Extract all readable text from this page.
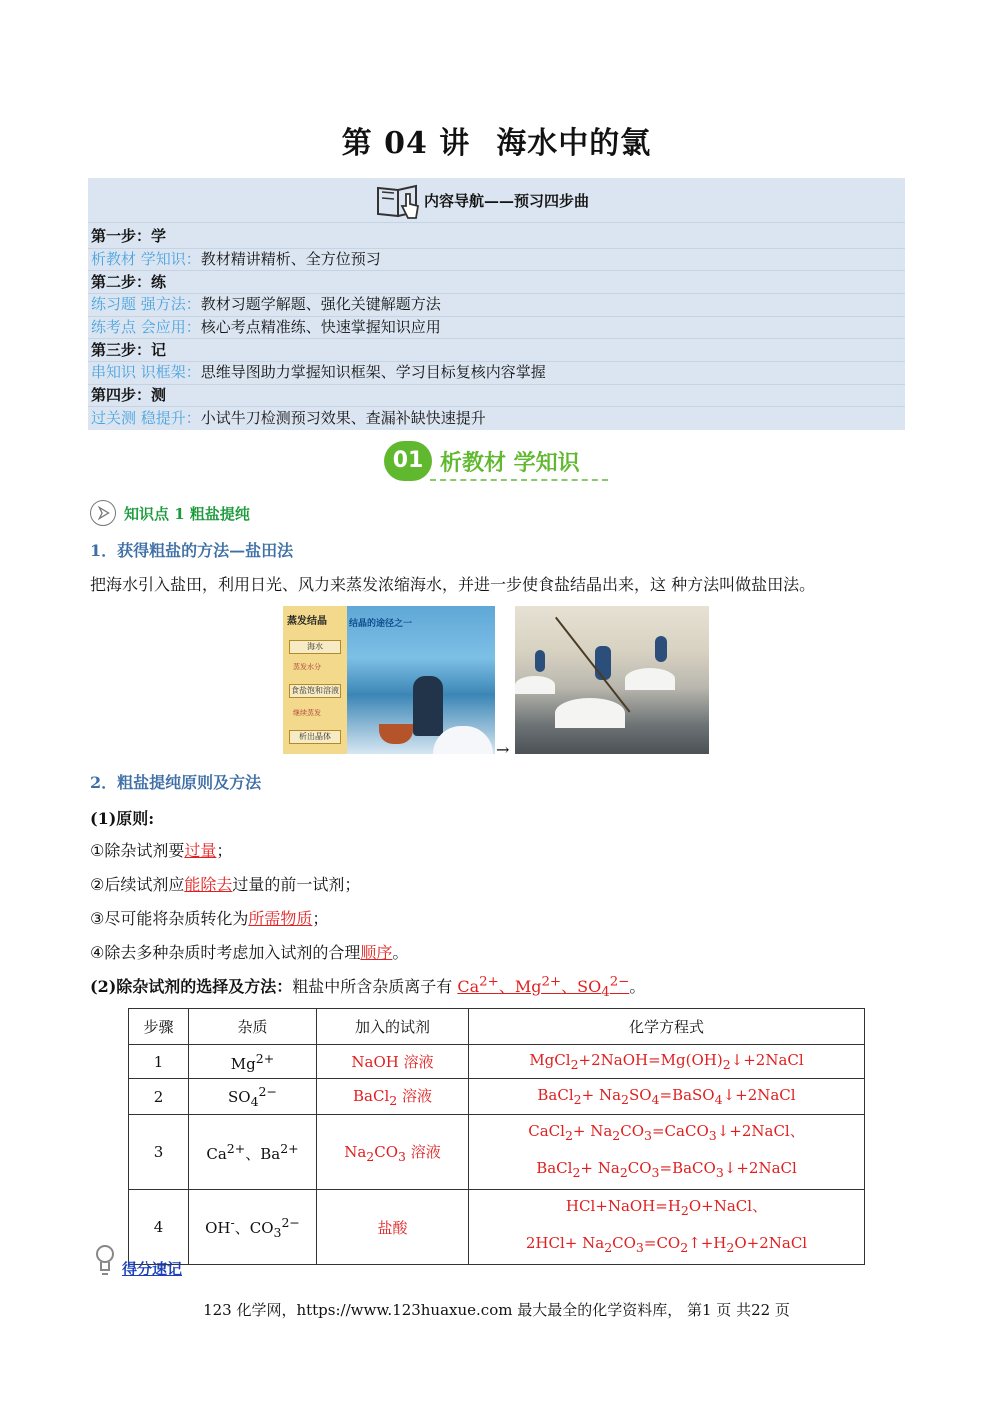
第 04 讲 海水中的氯
内容导航——预习四步曲
第一步：学
析教材 学知识：教材精讲精析、全方位预习
第二步：练
练习题 强方法：教材习题学解题、强化关键解题方法
练考点 会应用：核心考点精准练、快速掌握知识应用
第三步：记
串知识 识框架：思维导图助力掌握知识框架、学习目标复核内容掌握
第四步：测
过关测 稳提升：小试牛刀检测预习效果、查漏补缺快速提升
01 析教材 学知识
知识点 1 粗盐提纯
1．获得粗盐的方法—盐田法
把海水引入盐田，利用日光、风力来蒸发浓缩海水，并进一步使食盐结晶出来，这 种方法叫做盐田法。
蒸发结晶 结晶的途径之一
海水
蒸发水分
食盐饱和溶液
继续蒸发
析出晶体
→
2．粗盐提纯原则及方法
(1)原则:
①除杂试剂要过量；
②后续试剂应能除去过量的前一试剂；
③尽可能将杂质转化为所需物质；
④除去多种杂质时考虑加入试剂的合理顺序。
(2)除杂试剂的选择及方法：粗盐中所含杂质离子有 $Ca^{2+}$、$Mg^{2+}$、$SO_4^{2-}$。
步骤	杂质	加入的试剂	化学方程式
1	$Mg^{2+}$	NaOH 溶液	$MgCl_2+2NaOH=Mg(OH)_2↓+2NaCl$
2	$SO_4^{2-}$	BaCl$_2$ 溶液	BaCl$_2$+ $Na_2SO_4=BaSO_4↓+2NaCl$
3	$Ca^{2+}$、$Ba^{2+}$	$Na_2CO_3$ 溶液	CaCl$_2$+ $Na_2CO_3=CaCO_3↓+2NaCl$、
BaCl$_2$+ $Na_2CO_3=BaCO_3↓+2NaCl$

4	OH-、$CO_3^{2-}$	盐酸	$HCl+NaOH=H_2O+NaCl$、
$2HCl+ Na_2CO_3=CO_2↑+H_2O+2NaCl$
得分速记
123 化学网，https://www.123huaxue.com 最大最全的化学资料库， 第1 页 共22 页
